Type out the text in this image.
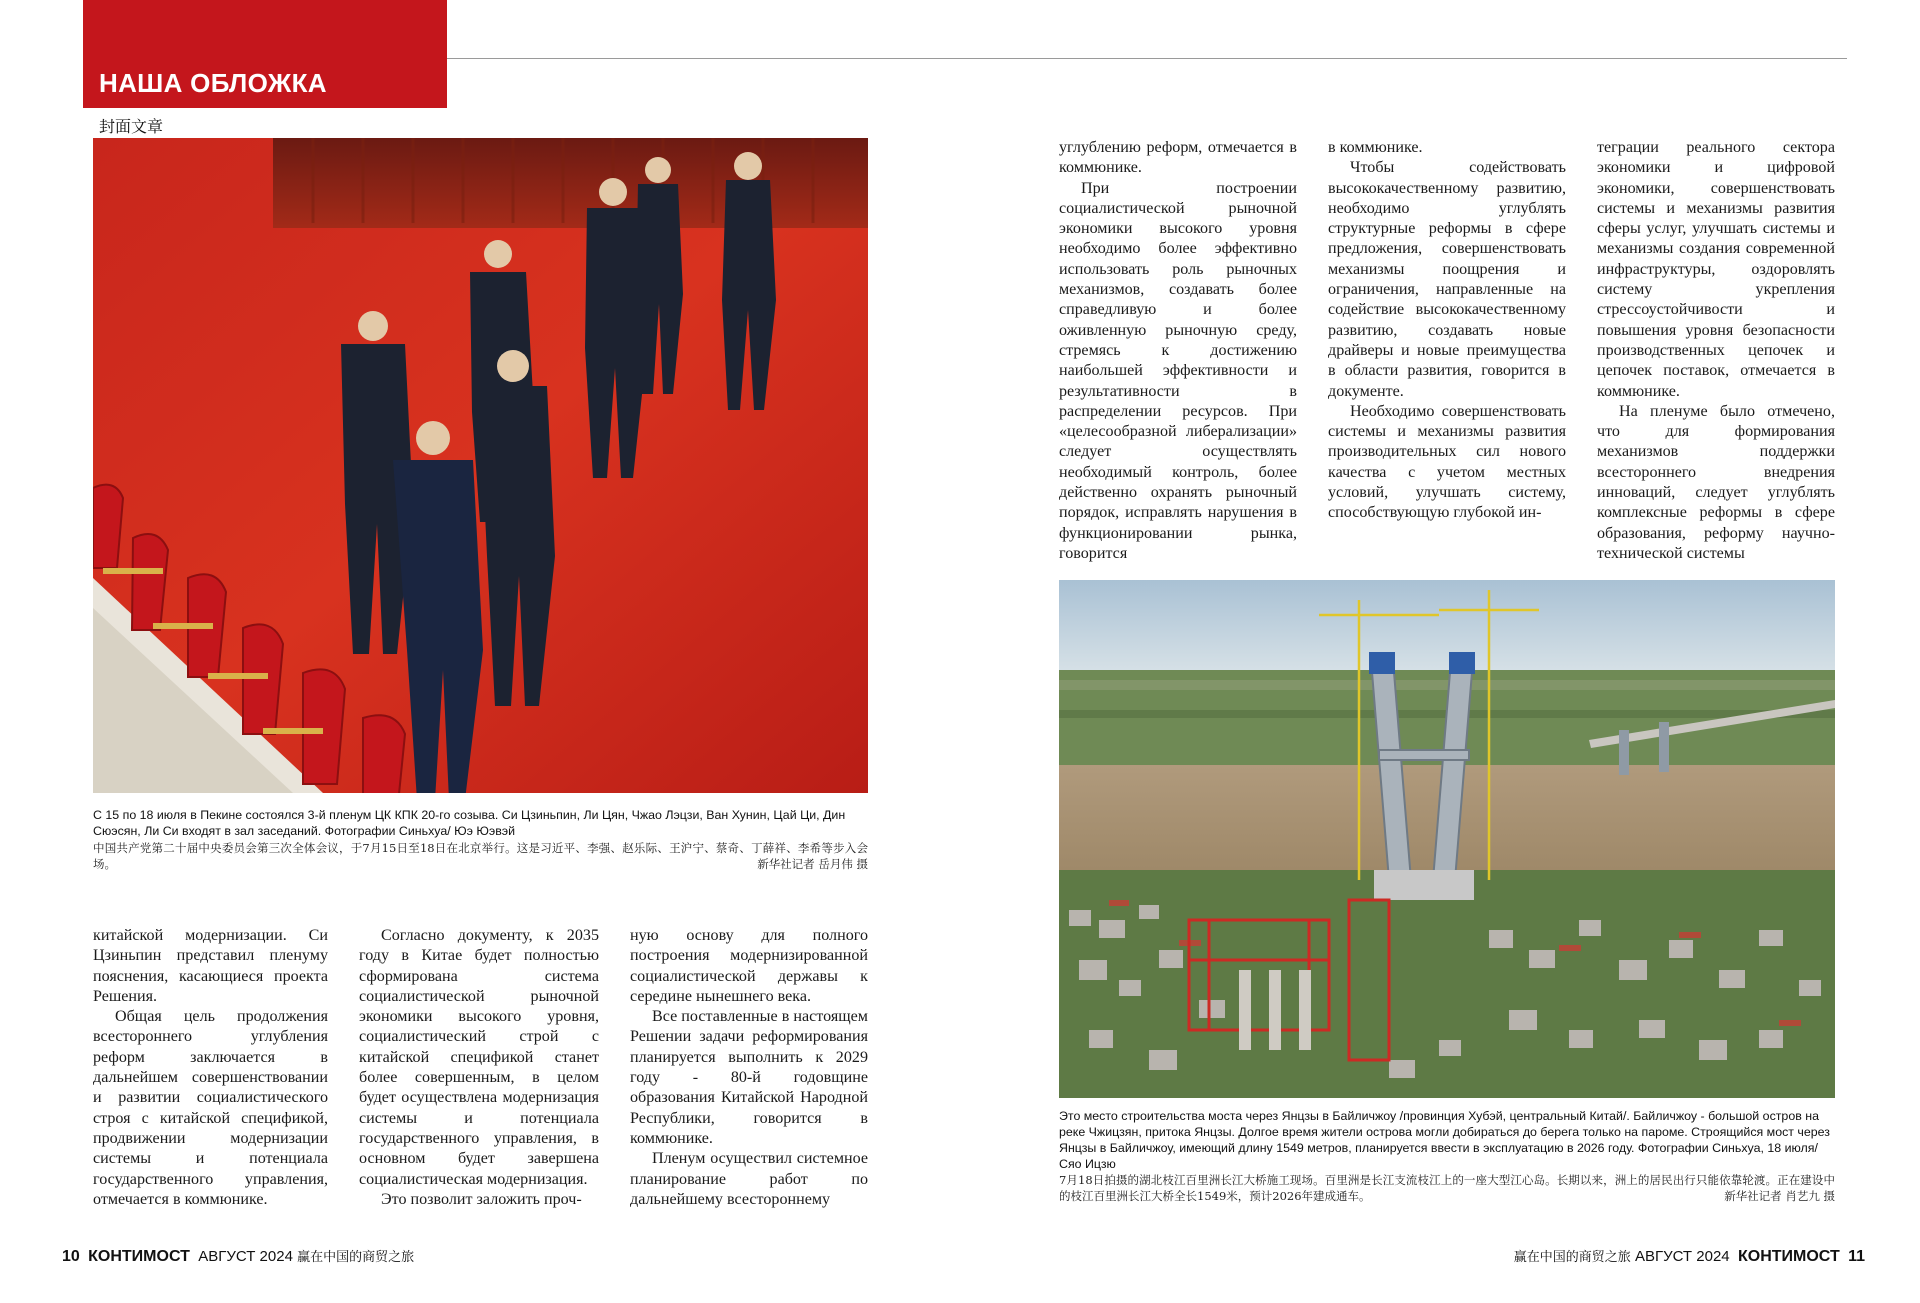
НАША ОБЛОЖКА
封面文章
С 15 по 18 июля в Пекине состоялся 3-й пленум ЦК КПК 20-го созыва. Си Цзиньпин, Ли Цян, Чжао Лэцзи, Ван Хунин, Цай Ци, Дин Сюэсян, Ли Си входят в зал заседаний. Фотографии Синьхуа/ Юэ Юэвэй
中国共产党第二十届中央委员会第三次全体会议，于7月15日至18日在北京举行。这是习近平、李强、赵乐际、王沪宁、蔡奇、丁薛祥、李希等步入会场。	新华社记者 岳月伟 摄

китайской модернизации. Си Цзиньпин представил пленуму пояснения, касающиеся проекта Решения.

Общая цель продолжения всестороннего углубления реформ заключается в дальнейшем совершенствовании и развитии социалистического строя с китайской спецификой, продвижении модернизации системы и потенциала государственного управления, отмечается в коммюнике.

Согласно документу, к 2035 году в Китае будет полностью сформирована система социалистической рыночной экономики высокого уровня, социалистический строй с китайской спецификой станет более совершенным, в целом будет осуществлена модернизация системы и потенциала государственного управления, в основном будет завершена социалистическая модернизация.

Это позволит заложить проч-

ную основу для полного построения модернизированной социалистической державы к середине нынешнего века.

Все поставленные в настоящем Решении задачи реформирования планируется выполнить к 2029 году - 80-й годовщине образования Китайской Народной Республики, говорится в коммюнике.

Пленум осуществил системное планирование работ по дальнейшему всестороннему

углублению реформ, отмечается в коммюнике.

При построении социалистической рыночной экономики высокого уровня необходимо более эффективно использовать роль рыночных механизмов, создавать более справедливую и более оживленную рыночную среду, стремясь к достижению наибольшей эффективности и результативности в распределении ресурсов. При «целесообразной либерализации» следует осуществлять необходимый контроль, более действенно охранять рыночный порядок, исправлять нарушения в функционировании рынка, говорится

в коммюнике.

Чтобы содействовать высококачественному развитию, необходимо углублять структурные реформы в сфере предложения, совершенствовать механизмы поощрения и ограничения, направленные на содействие высококачественному развитию, создавать новые драйверы и новые преимущества в области развития, говорится в документе.

Необходимо совершенствовать системы и механизмы развития производительных сил нового качества с учетом местных условий, улучшать систему, способствующую глубокой ин-

теграции реального сектора экономики и цифровой экономики, совершенствовать системы и механизмы развития сферы услуг, улучшать системы и механизмы создания современной инфраструктуры, оздоровлять систему укрепления стрессоустойчивости и повышения уровня безопасности производственных цепочек и цепочек поставок, отмечается в коммюнике.

На пленуме было отмечено, что для формирования механизмов поддержки всестороннего внедрения инноваций, следует углублять комплексные реформы в сфере образования, реформу научно-технической системы

Это место строительства моста через Янцзы в Байличжоу /провинция Хубэй, центральный Китай/. Байличжоу - большой остров на реке Чжицзян, притока Янцзы. Долгое время жители острова могли добираться до берега только на пароме. Строящийся мост через Янцзы в Байличжоу, имеющий длину 1549 метров, планируется ввести в эксплуатацию в 2026 году. Фотографии Синьхуа, 18 июля/ Сяо Ицзю
7月18日拍摄的湖北枝江百里洲长江大桥施工现场。百里洲是长江支流枝江上的一座大型江心岛。长期以来，洲上的居民出行只能依靠轮渡。正在建设中的枝江百里洲长江大桥全长1549米，预计2026年建成通车。	新华社记者 肖艺九 摄
10 КОНТИМОСТ АВГУСТ 2024 赢在中国的商贸之旅	赢在中国的商贸之旅 АВГУСТ 2024 КОНТИМОСТ 11
